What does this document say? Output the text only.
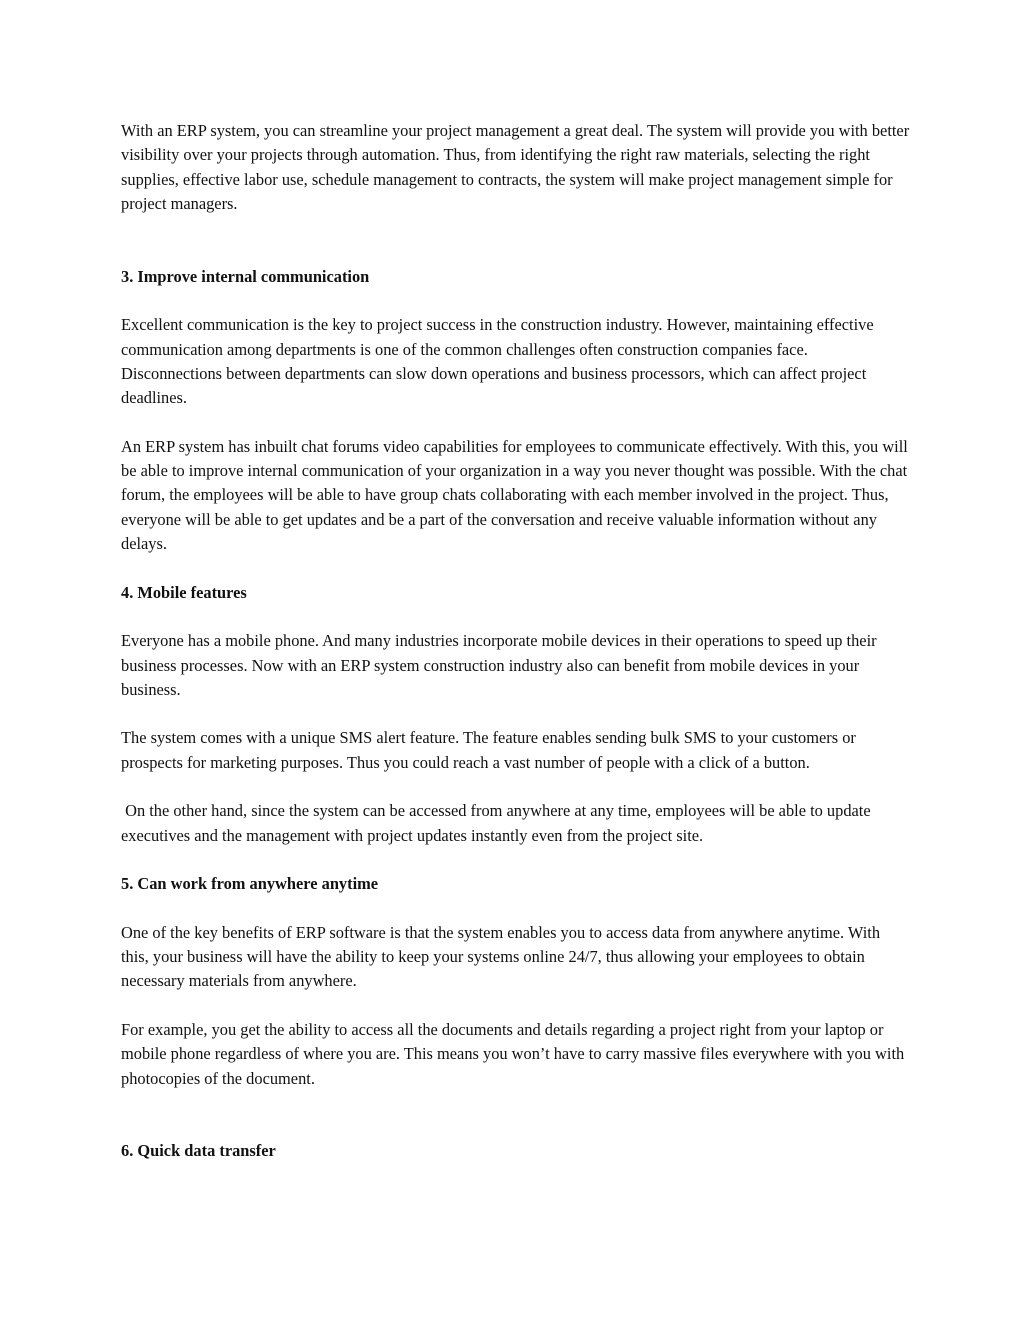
With an ERP system, you can streamline your project management a great deal. The system will provide you with better visibility over your projects through automation. Thus, from identifying the right raw materials, selecting the right supplies, effective labor use, schedule management to contracts, the system will make project management simple for project managers.

3. Improve internal communication

Excellent communication is the key to project success in the construction industry. However, maintaining effective communication among departments is one of the common challenges often construction companies face. Disconnections between departments can slow down operations and business processors, which can affect project deadlines.

An ERP system has inbuilt chat forums video capabilities for employees to communicate effectively. With this, you will be able to improve internal communication of your organization in a way you never thought was possible. With the chat forum, the employees will be able to have group chats collaborating with each member involved in the project. Thus, everyone will be able to get updates and be a part of the conversation and receive valuable information without any delays.

4. Mobile features

Everyone has a mobile phone. And many industries incorporate mobile devices in their operations to speed up their business processes. Now with an ERP system construction industry also can benefit from mobile devices in your business.

The system comes with a unique SMS alert feature. The feature enables sending bulk SMS to your customers or prospects for marketing purposes. Thus you could reach a vast number of people with a click of a button.

On the other hand, since the system can be accessed from anywhere at any time, employees will be able to update executives and the management with project updates instantly even from the project site.

5. Can work from anywhere anytime

One of the key benefits of ERP software is that the system enables you to access data from anywhere anytime. With this, your business will have the ability to keep your systems online 24/7, thus allowing your employees to obtain necessary materials from anywhere.

For example, you get the ability to access all the documents and details regarding a project right from your laptop or mobile phone regardless of where you are. This means you won’t have to carry massive files everywhere with you with photocopies of the document.

6. Quick data transfer
